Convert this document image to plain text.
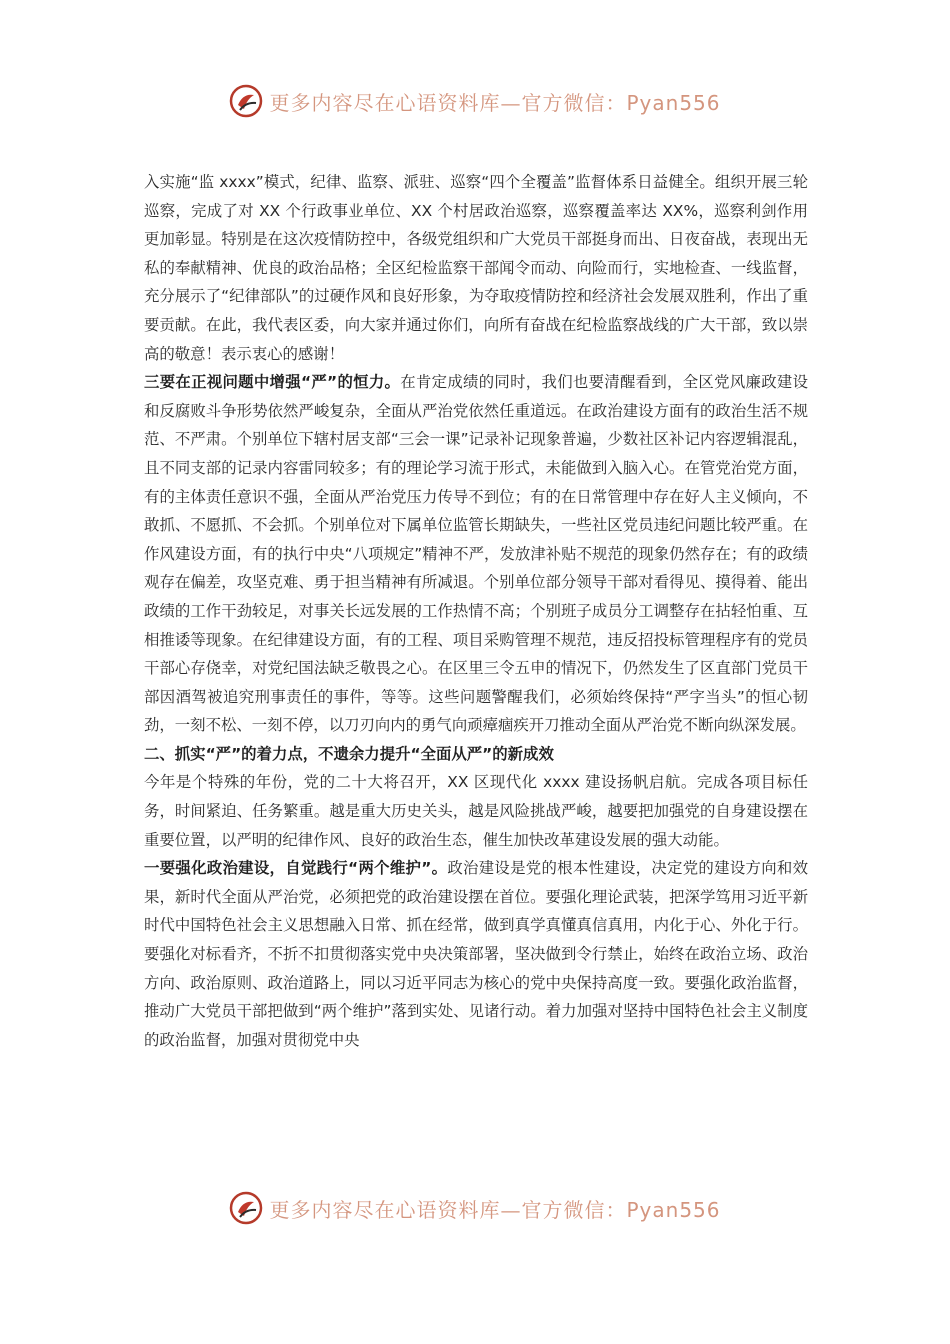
更多内容尽在心语资料库—官方微信：Pyan556

入实施“监 xxxx”模式，纪律、监察、派驻、巡察“四个全覆盖”监督体系日益健全。组织开展三轮巡察，完成了对 XX 个行政事业单位、XX 个村居政治巡察，巡察覆盖率达 XX%，巡察利剑作用更加彰显。特别是在这次疫情防控中，各级党组织和广大党员干部挺身而出、日夜奋战，表现出无私的奉献精神、优良的政治品格；全区纪检监察干部闻令而动、向险而行，实地检查、一线监督，充分展示了“纪律部队”的过硬作风和良好形象，为夺取疫情防控和经济社会发展双胜利，作出了重要贡献。在此，我代表区委，向大家并通过你们，向所有奋战在纪检监察战线的广大干部，致以崇高的敬意！表示衷心的感谢！

三要在正视问题中增强“严”的恒力。在肯定成绩的同时，我们也要清醒看到，全区党风廉政建设和反腐败斗争形势依然严峻复杂，全面从严治党依然任重道远。在政治建设方面有的政治生活不规范、不严肃。个别单位下辖村居支部“三会一课”记录补记现象普遍，少数社区补记内容逻辑混乱，且不同支部的记录内容雷同较多；有的理论学习流于形式，未能做到入脑入心。在管党治党方面，有的主体责任意识不强，全面从严治党压力传导不到位；有的在日常管理中存在好人主义倾向，不敢抓、不愿抓、不会抓。个别单位对下属单位监管长期缺失，一些社区党员违纪问题比较严重。在作风建设方面，有的执行中央“八项规定”精神不严，发放津补贴不规范的现象仍然存在；有的政绩观存在偏差，攻坚克难、勇于担当精神有所减退。个别单位部分领导干部对看得见、摸得着、能出政绩的工作干劲较足，对事关长远发展的工作热情不高；个别班子成员分工调整存在拈轻怕重、互相推诿等现象。在纪律建设方面，有的工程、项目采购管理不规范，违反招投标管理程序有的党员干部心存侥幸，对党纪国法缺乏敬畏之心。在区里三令五申的情况下，仍然发生了区直部门党员干部因酒驾被追究刑事责任的事件，等等。这些问题警醒我们，必须始终保持“严字当头”的恒心韧劲，一刻不松、一刻不停，以刀刃向内的勇气向顽瘴痼疾开刀推动全面从严治党不断向纵深发展。

二、抓实“严”的着力点，不遗余力提升“全面从严”的新成效

今年是个特殊的年份，党的二十大将召开，XX 区现代化 xxxx 建设扬帆启航。完成各项目标任务，时间紧迫、任务繁重。越是重大历史关头，越是风险挑战严峻，越要把加强党的自身建设摆在重要位置，以严明的纪律作风、良好的政治生态，催生加快改革建设发展的强大动能。

一要强化政治建设，自觉践行“两个维护”。政治建设是党的根本性建设，决定党的建设方向和效果，新时代全面从严治党，必须把党的政治建设摆在首位。要强化理论武装，把深学笃用习近平新时代中国特色社会主义思想融入日常、抓在经常，做到真学真懂真信真用，内化于心、外化于行。要强化对标看齐，不折不扣贯彻落实党中央决策部署，坚决做到令行禁止，始终在政治立场、政治方向、政治原则、政治道路上，同以习近平同志为核心的党中央保持高度一致。要强化政治监督，推动广大党员干部把做到“两个维护”落到实处、见诸行动。着力加强对坚持中国特色社会主义制度的政治监督，加强对贯彻党中央

更多内容尽在心语资料库—官方微信：Pyan556
